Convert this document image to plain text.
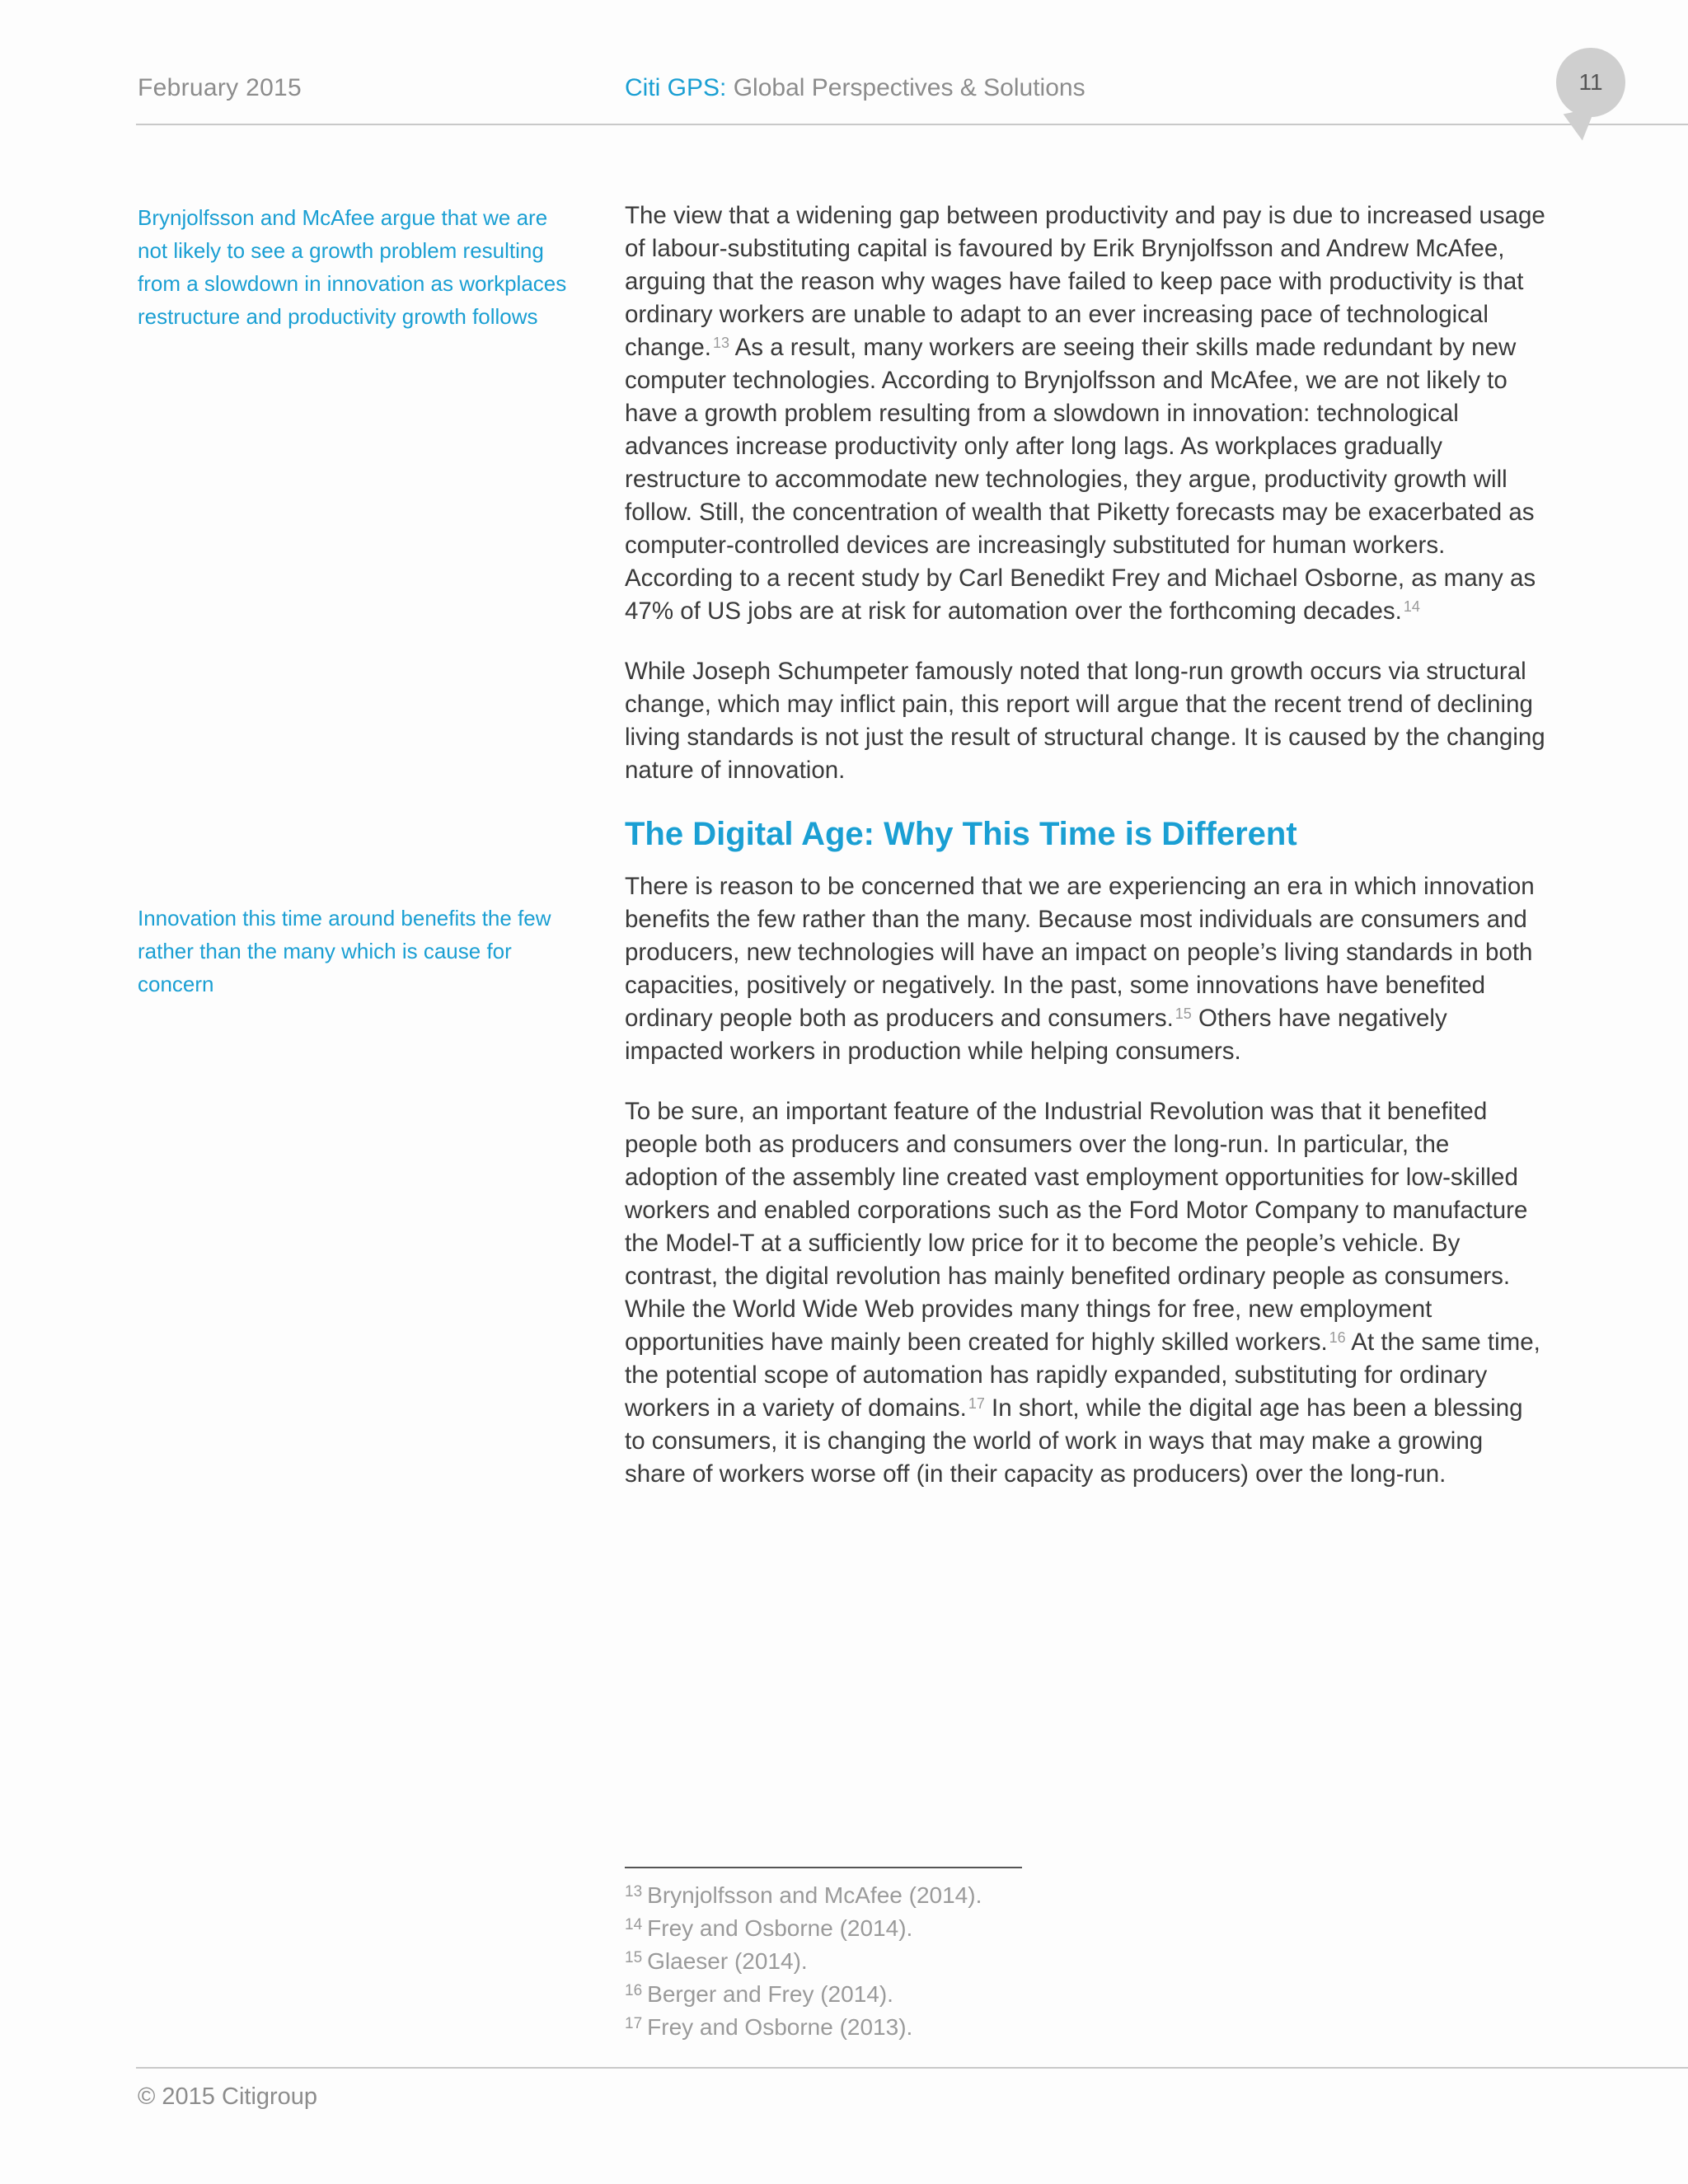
February 2015	Citi GPS: Global Perspectives & Solutions	11
Brynjolfsson and McAfee argue that we are not likely to see a growth problem resulting from a slowdown in innovation as workplaces restructure and productivity growth follows
Innovation this time around benefits the few rather than the many which is cause for concern

The view that a widening gap between productivity and pay is due to increased usage of labour-substituting capital is favoured by Erik Brynjolfsson and Andrew McAfee, arguing that the reason why wages have failed to keep pace with productivity is that ordinary workers are unable to adapt to an ever increasing pace of technological change. $^{13}$ As a result, many workers are seeing their skills made redundant by new computer technologies. According to Brynjolfsson and McAfee, we are not likely to have a growth problem resulting from a slowdown in innovation: technological advances increase productivity only after long lags. As workplaces gradually restructure to accommodate new technologies, they argue, productivity growth will follow. Still, the concentration of wealth that Piketty forecasts may be exacerbated as computer-controlled devices are increasingly substituted for human workers. According to a recent study by Carl Benedikt Frey and Michael Osborne, as many as 47% of US jobs are at risk for automation over the forthcoming decades. $^{14}$

While Joseph Schumpeter famously noted that long-run growth occurs via structural change, which may inflict pain, this report will argue that the recent trend of declining living standards is not just the result of structural change. It is caused by the changing nature of innovation.

The Digital Age: Why This Time is Different

There is reason to be concerned that we are experiencing an era in which innovation benefits the few rather than the many. Because most individuals are consumers and producers, new technologies will have an impact on people’s living standards in both capacities, positively or negatively. In the past, some innovations have benefited ordinary people both as producers and consumers. $^{15}$ Others have negatively impacted workers in production while helping consumers.

To be sure, an important feature of the Industrial Revolution was that it benefited people both as producers and consumers over the long-run. In particular, the adoption of the assembly line created vast employment opportunities for low-skilled workers and enabled corporations such as the Ford Motor Company to manufacture the Model-T at a sufficiently low price for it to become the people’s vehicle. By contrast, the digital revolution has mainly benefited ordinary people as consumers. While the World Wide Web provides many things for free, new employment opportunities have mainly been created for highly skilled workers. $^{16}$ At the same time, the potential scope of automation has rapidly expanded, substituting for ordinary workers in a variety of domains. $^{17}$ In short, while the digital age has been a blessing to consumers, it is changing the world of work in ways that may make a growing share of workers worse off (in their capacity as producers) over the long-run.

$^{13}$ Brynjolfsson and McAfee (2014).
$^{14}$ Frey and Osborne (2014).
$^{15}$ Glaeser (2014).
$^{16}$ Berger and Frey (2014).
$^{17}$ Frey and Osborne (2013).
© 2015 Citigroup
